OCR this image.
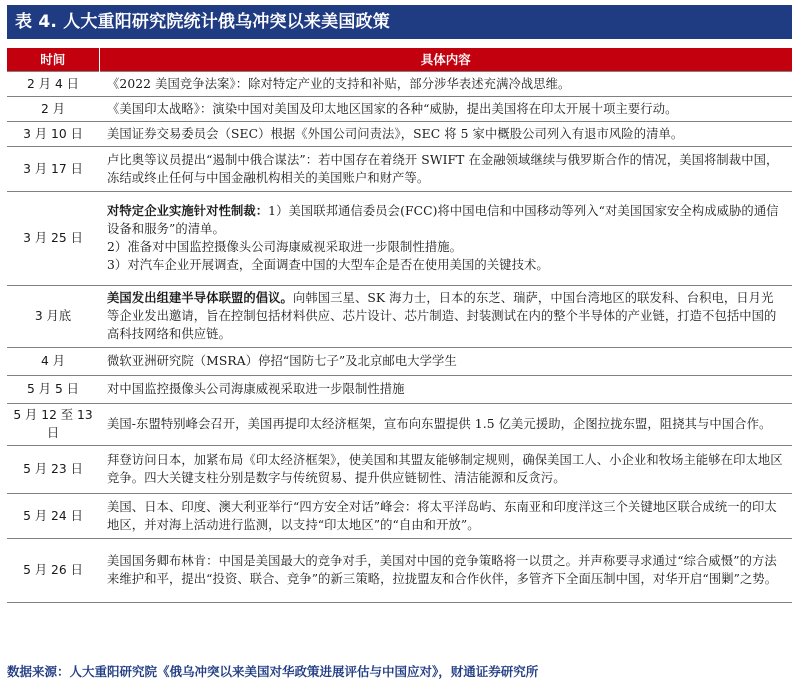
表 4. 人大重阳研究院统计俄乌冲突以来美国政策
时间	具体内容
2 月 4 日	《2022 美国竞争法案》：除对特定产业的支持和补贴，部分涉华表述充满冷战思维。
2 月	《美国印太战略》：演染中国对美国及印太地区国家的各种“威胁，提出美国将在印太开展十项主要行动。
3 月 10 日	美国证券交易委员会（SEC）根据《外国公司问责法》，SEC 将 5 家中概股公司列入有退市风险的清单。
3 月 17 日	卢比奥等议员提出“遏制中俄合谋法”：若中国存在着绕开 SWIFT 在金融领域继续与俄罗斯合作的情况，美国将制裁中国，冻结或终止任何与中国金融机构相关的美国账户和财产等。
3 月 25 日	对特定企业实施针对性制裁：1）美国联邦通信委员会(FCC)将中国电信和中国移动等列入“对美国国家安全构成威胁的通信设备和服务”的清单。
2）准备对中国监控摄像头公司海康威视采取进一步限制性措施。
3）对汽车企业开展调查，全面调查中国的大型车企是否在使用美国的关键技术。
3 月底	美国发出组建半导体联盟的倡议。向韩国三星、SK 海力士，日本的东芝、瑞萨，中国台湾地区的联发科、台积电，日月光等企业发出邀请，旨在控制包括材料供应、芯片设计、芯片制造、封装测试在内的整个半导体的产业链，打造不包括中国的高科技网络和供应链。
4 月	微软亚洲研究院（MSRA）停招“国防七子”及北京邮电大学学生
5 月 5 日	对中国监控摄像头公司海康威视采取进一步限制性措施
5 月 12 至 13 日	美国-东盟特别峰会召开，美国再提印太经济框架，宣布向东盟提供 1.5 亿美元援助，企图拉拢东盟，阻挠其与中国合作。
5 月 23 日	拜登访问日本，加紧布局《印太经济框架》，使美国和其盟友能够制定规则，确保美国工人、小企业和牧场主能够在印太地区竞争。四大关键支柱分别是数字与传统贸易、提升供应链韧性、清洁能源和反贪污。
5 月 24 日	美国、日本、印度、澳大利亚举行“四方安全对话”峰会：将太平洋岛屿、东南亚和印度洋这三个关键地区联合成统一的印太地区，并对海上活动进行监测，以支持“印太地区”的“自由和开放”。
5 月 26 日	美国国务卿布林肯：中国是美国最大的竞争对手，美国对中国的竞争策略将一以贯之。并声称要寻求通过“综合威慑”的方法来维护和平，提出“投资、联合、竞争”的新三策略，拉拢盟友和合作伙伴，多管齐下全面压制中国，对华开启“围剿”之势。
数据来源：人大重阳研究院《俄乌冲突以来美国对华政策进展评估与中国应对》，财通证券研究所
